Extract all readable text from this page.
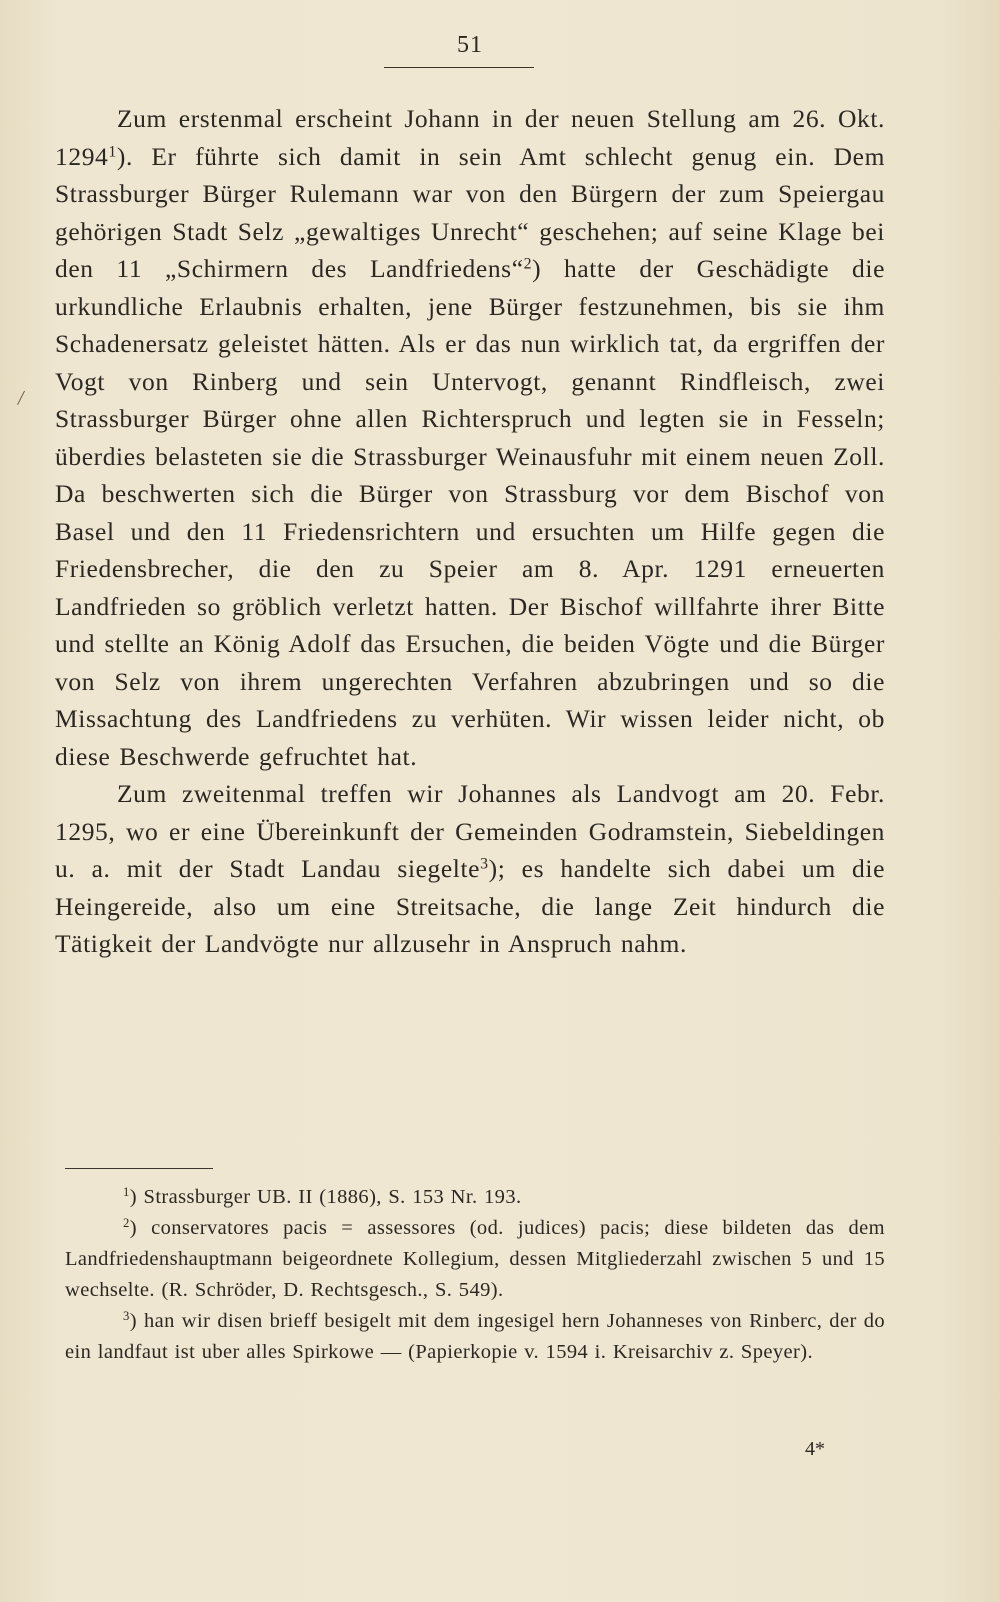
/
51

Zum erstenmal erscheint Johann in der neuen Stellung am 26. Okt. 1294$^1$). Er führte sich damit in sein Amt schlecht genug ein. Dem Strassburger Bürger Rulemann war von den Bürgern der zum Speiergau gehörigen Stadt Selz „gewaltiges Unrecht“ geschehen; auf seine Klage bei den 11 „Schirmern des Landfriedens“$^2$) hatte der Geschädigte die urkundliche Erlaubnis erhalten, jene Bürger festzunehmen, bis sie ihm Schadenersatz geleistet hätten. Als er das nun wirklich tat, da ergriffen der Vogt von Rinberg und sein Untervogt, genannt Rindfleisch, zwei Strassburger Bürger ohne allen Richterspruch und legten sie in Fesseln; überdies belasteten sie die Strassburger Weinausfuhr mit einem neuen Zoll. Da beschwerten sich die Bürger von Strassburg vor dem Bischof von Basel und den 11 Friedensrichtern und ersuchten um Hilfe gegen die Friedensbrecher, die den zu Speier am 8. Apr. 1291 erneuerten Landfrieden so gröblich verletzt hatten. Der Bischof willfahrte ihrer Bitte und stellte an König Adolf das Ersuchen, die beiden Vögte und die Bürger von Selz von ihrem ungerechten Verfahren abzubringen und so die Missachtung des Landfriedens zu verhüten. Wir wissen leider nicht, ob diese Beschwerde gefruchtet hat.

Zum zweitenmal treffen wir Johannes als Landvogt am 20. Febr. 1295, wo er eine Übereinkunft der Gemeinden Godramstein, Siebeldingen u. a. mit der Stadt Landau siegelte$^3$); es handelte sich dabei um die Heingereide, also um eine Streitsache, die lange Zeit hindurch die Tätigkeit der Landvögte nur allzusehr in Anspruch nahm.

$^1$) Strassburger UB. II (1886), S. 153 Nr. 193.

$^2$) conservatores pacis = assessores (od. judices) pacis; diese bildeten das dem Landfriedenshauptmann beigeordnete Kollegium, dessen Mitgliederzahl zwischen 5 und 15 wechselte. (R. Schröder, D. Rechtsgesch., S. 549).

$^3$) han wir disen brieff besigelt mit dem ingesigel hern Johanneses von Rinberc, der do ein landfaut ist uber alles Spirkowe — (Papierkopie v. 1594 i. Kreisarchiv z. Speyer).

4*
